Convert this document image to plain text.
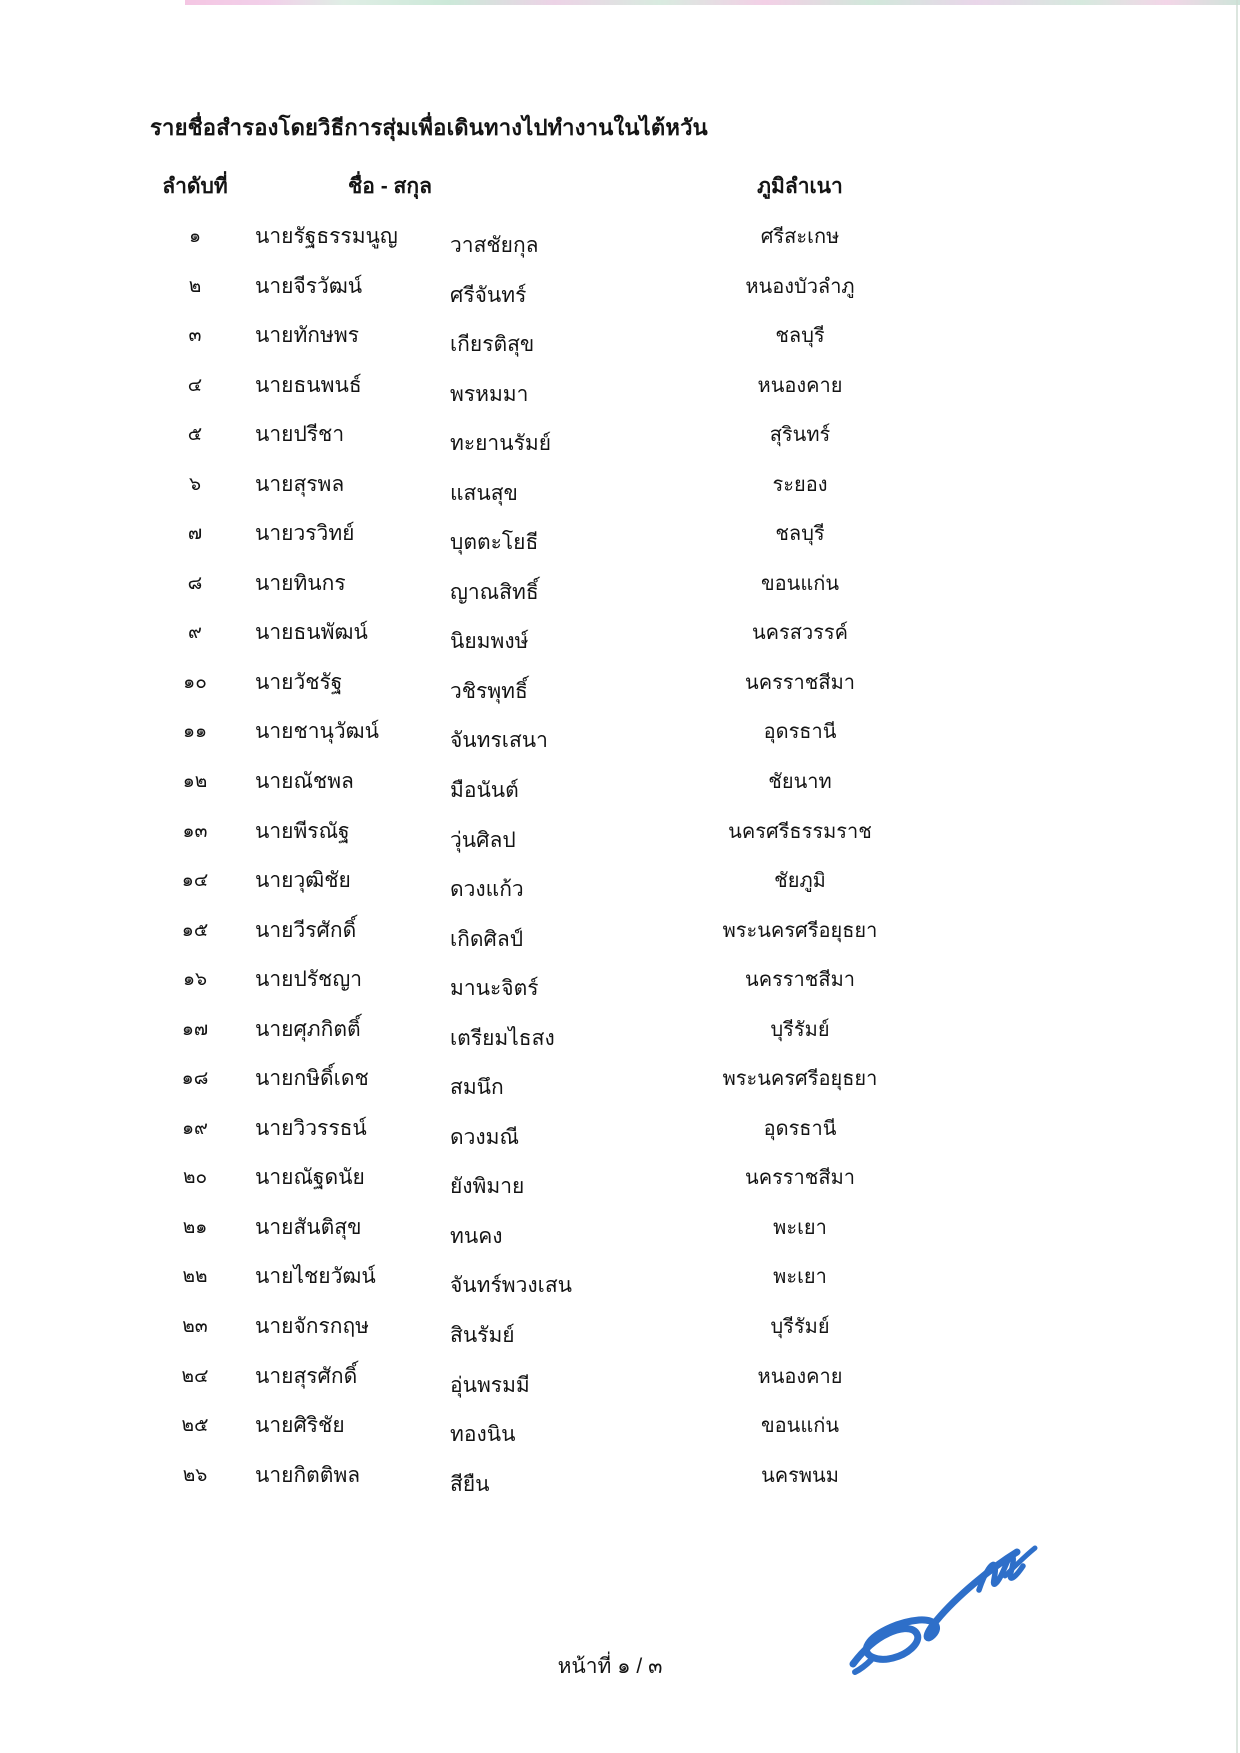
รายชื่อสำรองโดยวิธีการสุ่มเพื่อเดินทางไปทำงานในไต้หวัน
ลำดับที่	ชื่อ - สกุล	ภูมิลำเนา
๑	นายรัฐธรรมนูญ	วาสชัยกุล	ศรีสะเกษ
๒	นายจีรวัฒน์	ศรีจันทร์	หนองบัวลำภู
๓	นายทักษพร	เกียรติสุข	ชลบุรี
๔	นายธนพนธ์	พรหมมา	หนองคาย
๕	นายปรีชา	ทะยานรัมย์	สุรินทร์
๖	นายสุรพล	แสนสุข	ระยอง
๗	นายวรวิทย์	บุตตะโยธี	ชลบุรี
๘	นายทินกร	ญาณสิทธิ์	ขอนแก่น
๙	นายธนพัฒน์	นิยมพงษ์	นครสวรรค์
๑๐	นายวัชรัฐ	วชิรพุทธิ์	นครราชสีมา
๑๑	นายชานุวัฒน์	จันทรเสนา	อุดรธานี
๑๒	นายณัชพล	มือนันต์	ชัยนาท
๑๓	นายพีรณัฐ	วุ่นศิลป	นครศรีธรรมราช
๑๔	นายวุฒิชัย	ดวงแก้ว	ชัยภูมิ
๑๕	นายวีรศักดิ์	เกิดศิลป์	พระนครศรีอยุธยา
๑๖	นายปรัชญา	มานะจิตร์	นครราชสีมา
๑๗	นายศุภกิตติ์	เตรียมไธสง	บุรีรัมย์
๑๘	นายกษิดิ์เดช	สมนึก	พระนครศรีอยุธยา
๑๙	นายวิวรรธน์	ดวงมณี	อุดรธานี
๒๐	นายณัฐดนัย	ยังพิมาย	นครราชสีมา
๒๑	นายสันติสุข	ทนคง	พะเยา
๒๒	นายไชยวัฒน์	จันทร์พวงเสน	พะเยา
๒๓	นายจักรกฤษ	สินรัมย์	บุรีรัมย์
๒๔	นายสุรศักดิ์	อุ่นพรมมี	หนองคาย
๒๕	นายศิริชัย	ทองนิน	ขอนแก่น
๒๖	นายกิตติพล	สียืน	นครพนม
หน้าที่ ๑ / ๓
